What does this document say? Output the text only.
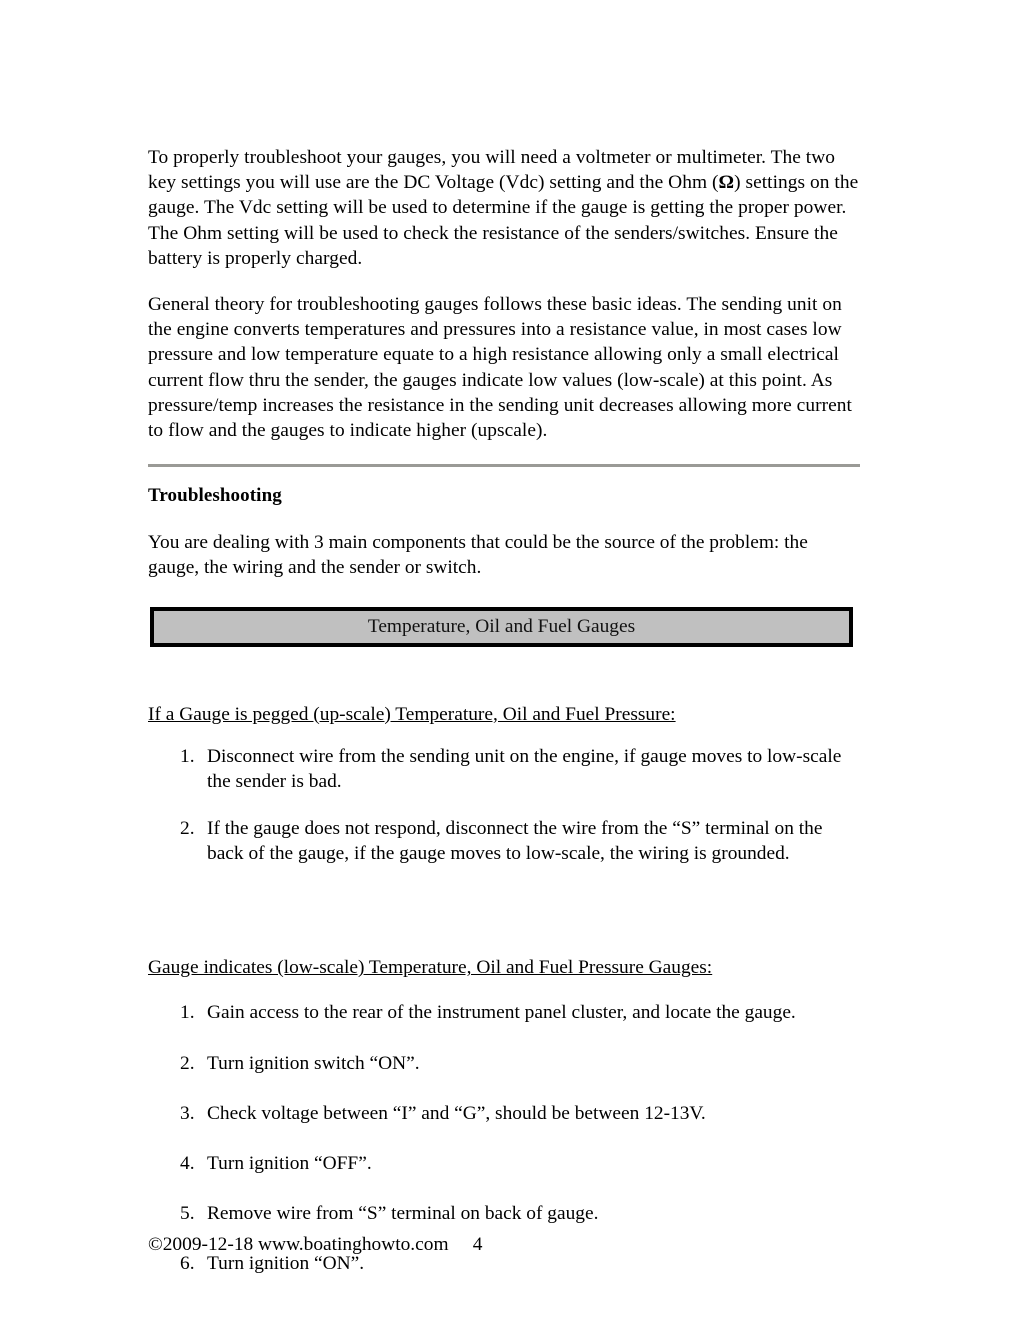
To properly troubleshoot your gauges, you will need a voltmeter or multimeter. The two key settings you will use are the DC Voltage (Vdc) setting and the Ohm (Ω) settings on the gauge. The Vdc setting will be used to determine if the gauge is getting the proper power. The Ohm setting will be used to check the resistance of the senders/switches. Ensure the battery is properly charged.

General theory for troubleshooting gauges follows these basic ideas. The sending unit on the engine converts temperatures and pressures into a resistance value, in most cases low pressure and low temperature equate to a high resistance allowing only a small electrical current flow thru the sender, the gauges indicate low values (low-scale) at this point. As pressure/temp increases the resistance in the sending unit decreases allowing more current to flow and the gauges to indicate higher (upscale).

Troubleshooting

You are dealing with 3 main components that could be the source of the problem: the gauge, the wiring and the sender or switch.

Temperature, Oil and Fuel Gauges
If a Gauge is pegged (up-scale) Temperature, Oil and Fuel Pressure:
Disconnect wire from the sending unit on the engine, if gauge moves to low-scale the sender is bad.
If the gauge does not respond, disconnect the wire from the “S” terminal on the back of the gauge, if the gauge moves to low-scale, the wiring is grounded.
Gauge indicates (low-scale) Temperature, Oil and Fuel Pressure Gauges:
Gain access to the rear of the instrument panel cluster, and locate the gauge.
Turn ignition switch “ON”.
Check voltage between “I” and “G”, should be between 12-13V.
Turn ignition “OFF”.
Remove wire from “S” terminal on back of gauge.
Turn ignition “ON”.
©2009-12-18 www.boatinghowto.com 4
